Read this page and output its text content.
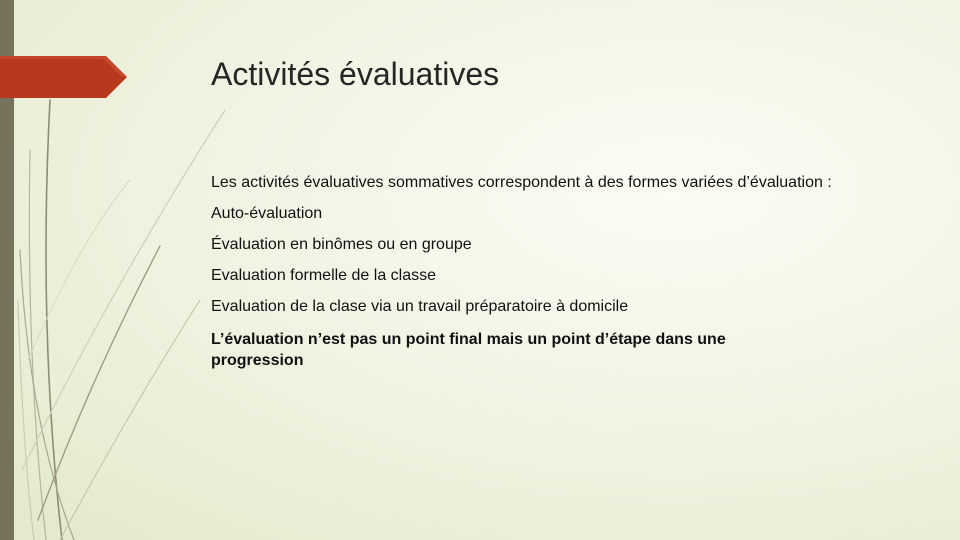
Activités évaluatives

Les activités évaluatives sommatives correspondent à des formes variées d’évaluation :

Auto-évaluation

Évaluation en binômes ou en groupe

Evaluation formelle de la classe

Evaluation de la clase via un travail préparatoire à domicile

L’évaluation n’est pas un point final mais un point d’étape dans une progression
